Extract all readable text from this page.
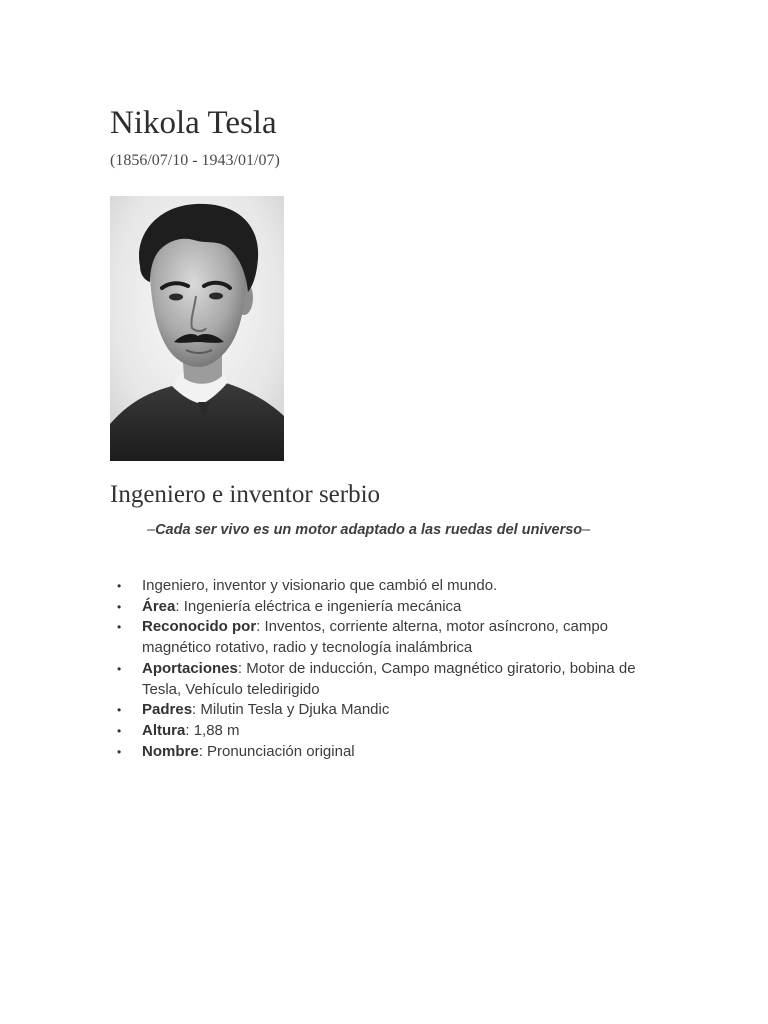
Nikola Tesla
(1856/07/10 - 1943/01/07)
Ingeniero e inventor serbio
–Cada ser vivo es un motor adaptado a las ruedas del universo–
• Ingeniero, inventor y visionario que cambió el mundo.
• Área: Ingeniería eléctrica e ingeniería mecánica
• Reconocido por: Inventos, corriente alterna, motor asíncrono, campo magnético rotativo, radio y tecnología inalámbrica
• Aportaciones: Motor de inducción, Campo magnético giratorio, bobina de Tesla, Vehículo teledirigido
• Padres: Milutin Tesla y Djuka Mandic
• Altura: 1,88 m
• Nombre: Pronunciación original
